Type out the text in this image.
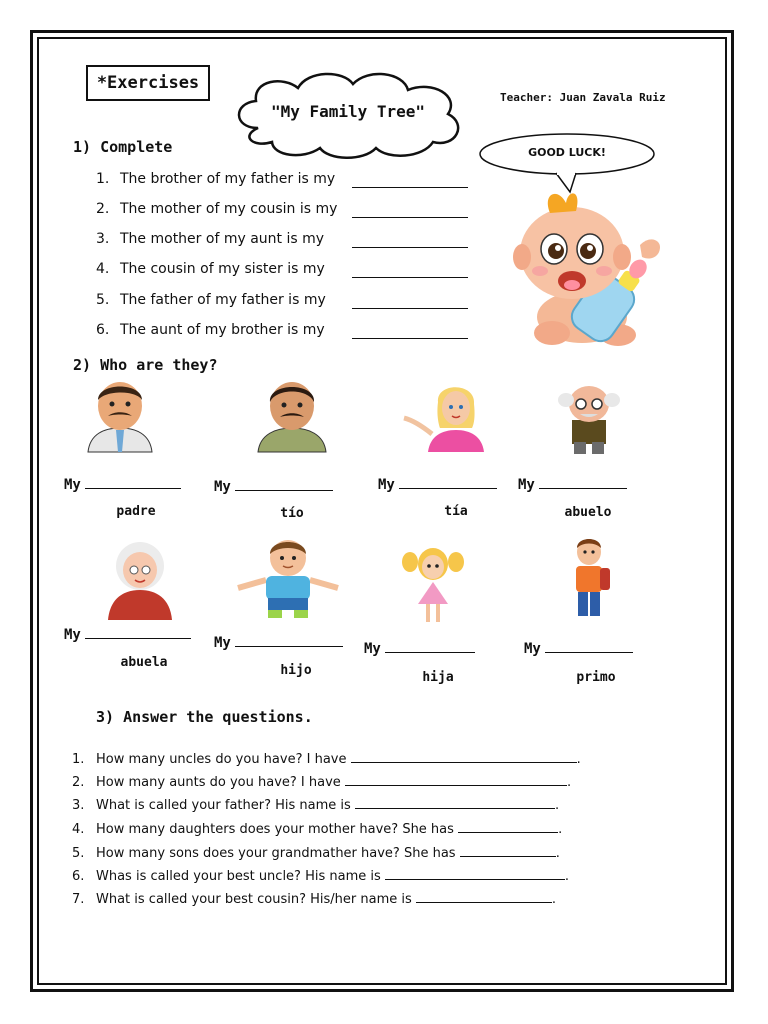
*Exercises
"My Family Tree"
Teacher: Juan Zavala Ruiz
GOOD LUCK!
1) Complete
1. The brother of my father is my
2. The mother of my cousin is my
3. The mother of my aunt is my
4. The cousin of my sister is my
5. The father of my father is my
6. The aunt of my brother is my
2) Who are they?
My	My	My	My
padre	tío	tía	abuelo
My	My	My	My
abuela
hijo	hija	primo
3) Answer the questions.
1. How many uncles do you have? I have	.
2. How many aunts do you have? I have	.
3. What is called your father? His name is	.
4. How many daughters does your mother have? She has	.
5. How many sons does your grandmather have? She has	.
6. Whas is called your best uncle? His name is	.
7. What is called your best cousin? His/her name is	.
